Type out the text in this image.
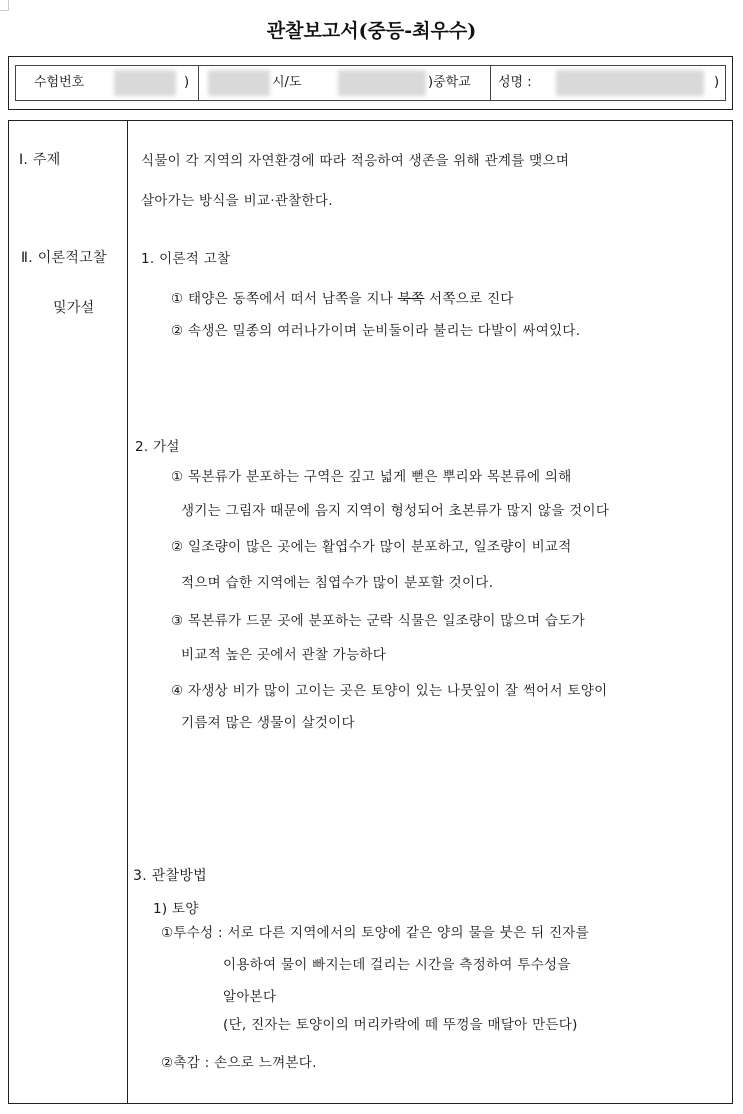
관찰보고서(중등-최우수)
수험번호	)	시/도	)중학교 성명 :	)
Ⅰ. 주제	식물이 각 지역의 자연환경에 따라 적응하여 생존을 위해 관계를 맺으며
살아가는 방식을 비교·관찰한다.
Ⅱ. 이론적고찰
및가설
1. 이론적 고찰
① 태양은 동쪽에서 떠서 남쪽을 지나 북쪽 서쪽으로 진다
② 속생은 밀종의 여러나가이며 눈비둘이라 불리는 다발이 싸여있다.
2. 가설
① 목본류가 분포하는 구역은 깊고 넓게 뻗은 뿌리와 목본류에 의해
생기는 그림자 때문에 음지 지역이 형성되어 초본류가 많지 않을 것이다
② 일조량이 많은 곳에는 활엽수가 많이 분포하고, 일조량이 비교적
적으며 습한 지역에는 침엽수가 많이 분포할 것이다.
③ 목본류가 드문 곳에 분포하는 군락 식물은 일조량이 많으며 습도가
비교적 높은 곳에서 관찰 가능하다
④ 자생상 비가 많이 고이는 곳은 토양이 있는 나뭇잎이 잘 썩어서 토양이
기름져 많은 생물이 살것이다
3. 관찰방법
1) 토양
①투수성 : 서로 다른 지역에서의 토양에 같은 양의 물을 붓은 뒤 진자를
이용하여 물이 빠지는데 걸리는 시간을 측정하여 투수성을
알아본다
(단, 진자는 토양이의 머리카락에 떼 뚜껑을 매달아 만든다)
②촉감 : 손으로 느껴본다.
